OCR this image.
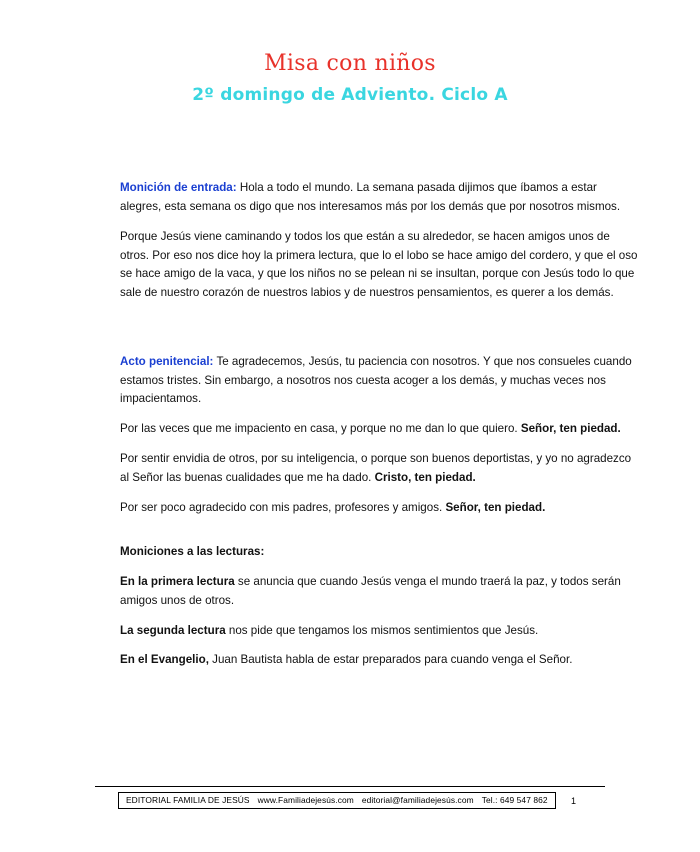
Misa con niños
2º domingo de Adviento. Ciclo A

Monición de entrada: Hola a todo el mundo. La semana pasada dijimos que íbamos a estar alegres, esta semana os digo que nos interesamos más por los demás que por nosotros mismos.

Porque Jesús viene caminando y todos los que están a su alrededor, se hacen amigos unos de otros. Por eso nos dice hoy la primera lectura, que lo el lobo se hace amigo del cordero, y que el oso se hace amigo de la vaca, y que los niños no se pelean ni se insultan, porque con Jesús todo lo que sale de nuestro corazón de nuestros labios y de nuestros pensamientos, es querer a los demás.

Acto penitencial: Te agradecemos, Jesús, tu paciencia con nosotros. Y que nos consueles cuando estamos tristes. Sin embargo, a nosotros nos cuesta acoger a los demás, y muchas veces nos impacientamos.

Por las veces que me impaciento en casa, y porque no me dan lo que quiero. Señor, ten piedad.

Por sentir envidia de otros, por su inteligencia, o porque son buenos deportistas, y yo no agradezco al Señor las buenas cualidades que me ha dado. Cristo, ten piedad.

Por ser poco agradecido con mis padres, profesores y amigos. Señor, ten piedad.

Moniciones a las lecturas:

En la primera lectura se anuncia que cuando Jesús venga el mundo traerá la paz, y todos serán amigos unos de otros.

La segunda lectura nos pide que tengamos los mismos sentimientos que Jesús.

En el Evangelio, Juan Bautista habla de estar preparados para cuando venga el Señor.

EDITORIAL FAMILIA DE JESÚS www.Familiadejesús.com editorial@familiadejesús.com Tel.: 649 547 862	1
